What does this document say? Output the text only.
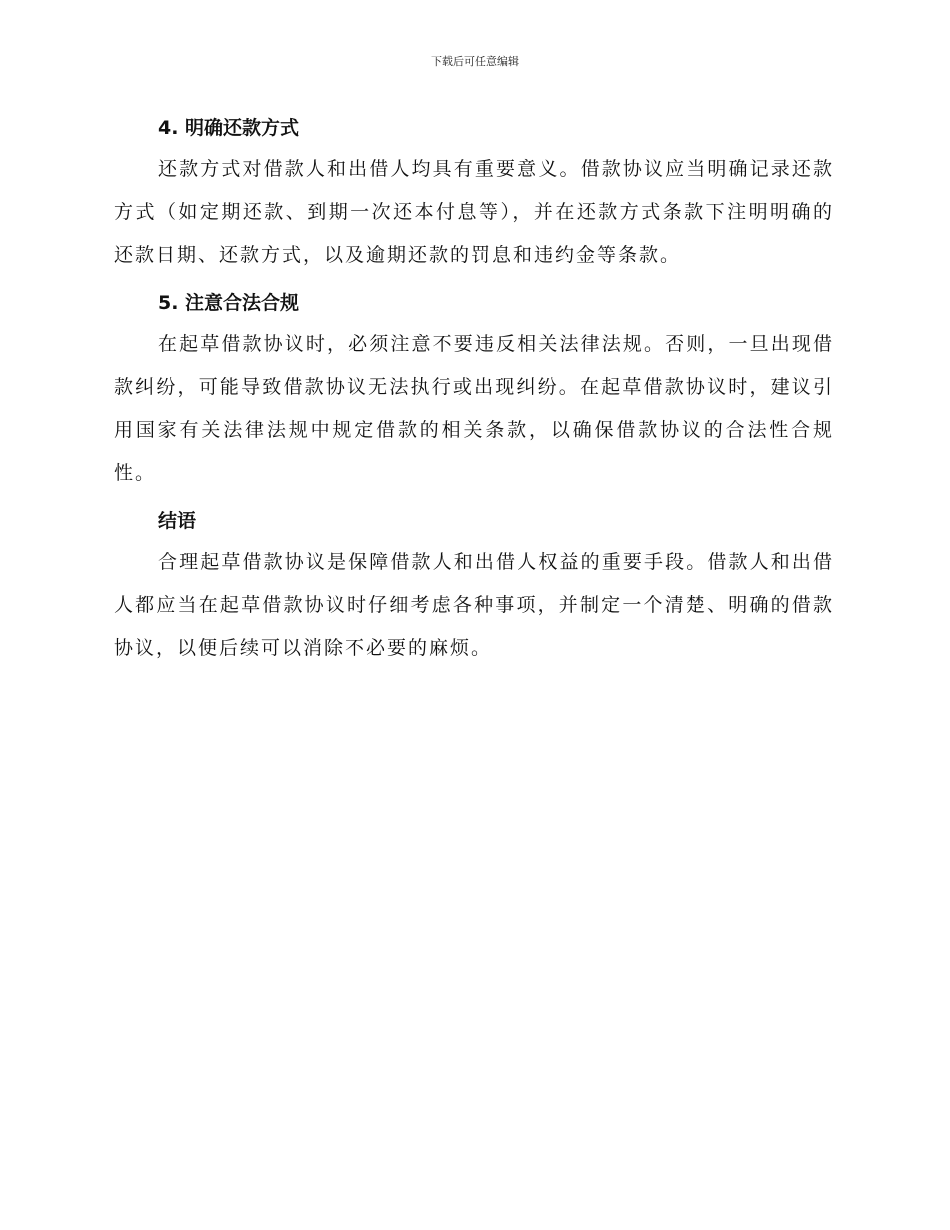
下载后可任意编辑
4. 明确还款方式

还款方式对借款人和出借人均具有重要意义。借款协议应当明确记录还款方式（如定期还款、到期一次还本付息等），并在还款方式条款下注明明确的还款日期、还款方式，以及逾期还款的罚息和违约金等条款。

5. 注意合法合规

在起草借款协议时，必须注意不要违反相关法律法规。否则，一旦出现借款纠纷，可能导致借款协议无法执行或出现纠纷。在起草借款协议时，建议引用国家有关法律法规中规定借款的相关条款，以确保借款协议的合法性合规性。

结语

合理起草借款协议是保障借款人和出借人权益的重要手段。借款人和出借人都应当在起草借款协议时仔细考虑各种事项，并制定一个清楚、明确的借款协议，以便后续可以消除不必要的麻烦。
